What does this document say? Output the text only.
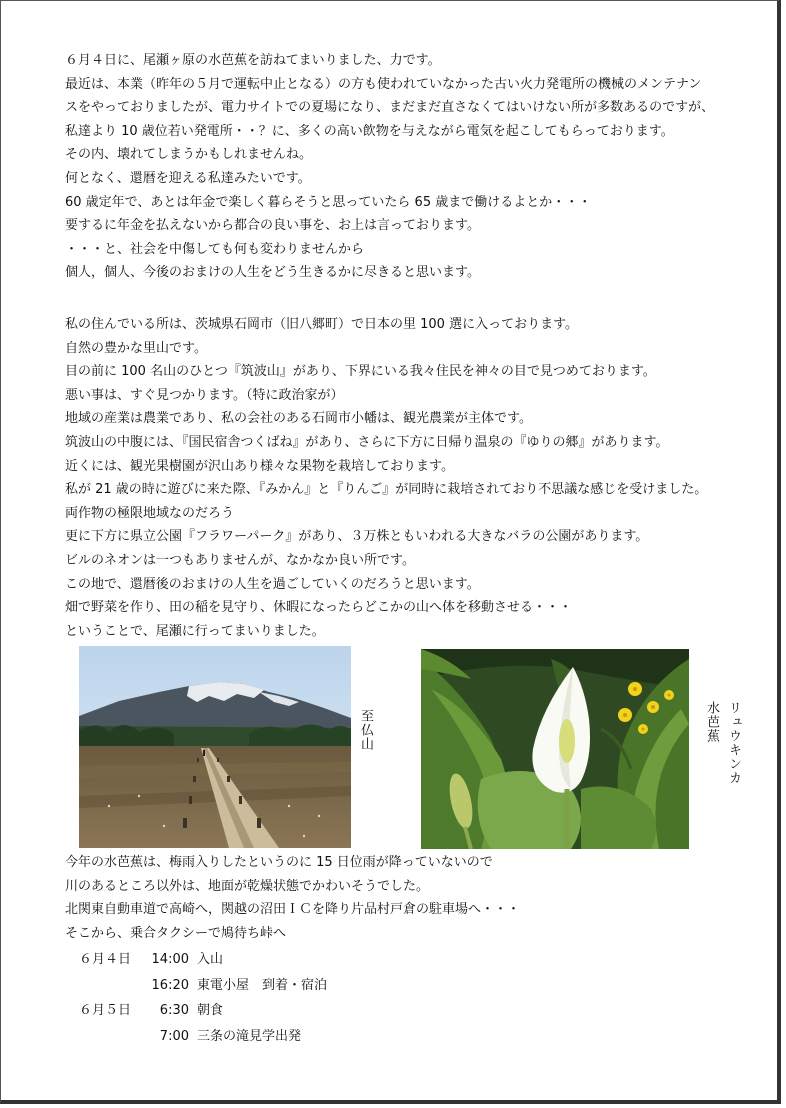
６月４日に、尾瀬ヶ原の水芭蕉を訪ねてまいりました、力です。
最近は、本業（昨年の５月で運転中止となる）の方も使われていなかった古い火力発電所の機械のメンテナン
スをやっておりましたが、電力サイトでの夏場になり、まだまだ直さなくてはいけない所が多数あるのですが、
私達より 10 歳位若い発電所・・？に、多くの高い飲物を与えながら電気を起こしてもらっております。
その内、壊れてしまうかもしれませんね。
何となく、還暦を迎える私達みたいです。
60 歳定年で、あとは年金で楽しく暮らそうと思っていたら 65 歳まで働けるよとか・・・
要するに年金を払えないから都合の良い事を、お上は言っております。
・・・と、社会を中傷しても何も変わりませんから
個人，個人、今後のおまけの人生をどう生きるかに尽きると思います。
私の住んでいる所は、茨城県石岡市（旧八郷町）で日本の里 100 選に入っております。
自然の豊かな里山です。
目の前に 100 名山のひとつ『筑波山』があり、下界にいる我々住民を神々の目で見つめております。
悪い事は、すぐ見つかります。（特に政治家が）
地域の産業は農業であり、私の会社のある石岡市小幡は、観光農業が主体です。
筑波山の中腹には、『国民宿舎つくばね』があり、さらに下方に日帰り温泉の『ゆりの郷』があります。
近くには、観光果樹園が沢山あり様々な果物を栽培しております。
私が 21 歳の時に遊びに来た際、『みかん』と『りんご』が同時に栽培されており不思議な感じを受けました。
両作物の極限地域なのだろう
更に下方に県立公園『フラワーパーク』があり、３万株ともいわれる大きなバラの公園があります。
ビルのネオンは一つもありませんが、なかなか良い所です。
この地で、還暦後のおまけの人生を過ごしていくのだろうと思います。
畑で野菜を作り、田の稲を見守り、休暇になったらどこかの山へ体を移動させる・・・
ということで、尾瀬に行ってまいりました。
至仏山	水芭蕉 リュウキンカ
今年の水芭蕉は、梅雨入りしたというのに 15 日位雨が降っていないので
川のあるところ以外は、地面が乾燥状態でかわいそうでした。
北関東自動車道で高崎へ，関越の沼田ＩＣを降り片品村戸倉の駐車場へ・・・
そこから、乗合タクシーで鳩待ち峠へ
６月４日 14:00 入山
16:20 東電小屋　到着・宿泊
６月５日	6:30 朝食
7:00 三条の滝見学出発
